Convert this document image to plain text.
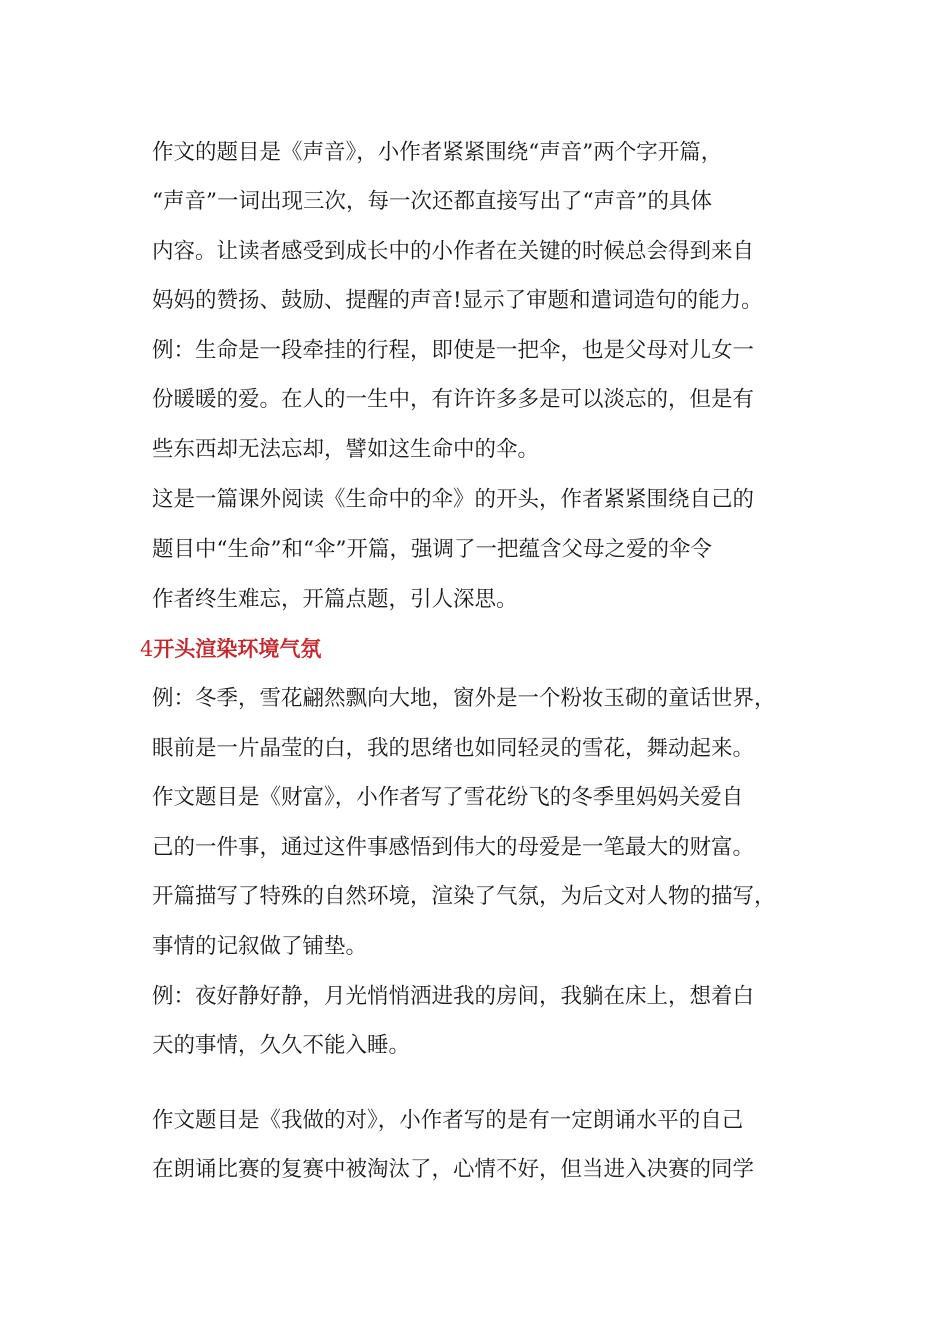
作文的题目是《声音》，小作者紧紧围绕“声音”两个字开篇，
“声音”一词出现三次，每一次还都直接写出了“声音”的具体
内容。让读者感受到成长中的小作者在关键的时候总会得到来自
妈妈的赞扬、鼓励、提醒的声音!显示了审题和遣词造句的能力。
例：生命是一段牵挂的行程，即使是一把伞，也是父母对儿女一
份暖暖的爱。在人的一生中，有许许多多是可以淡忘的，但是有
些东西却无法忘却，譬如这生命中的伞。
这是一篇课外阅读《生命中的伞》的开头，作者紧紧围绕自己的
题目中“生命”和“伞”开篇，强调了一把蕴含父母之爱的伞令
作者终生难忘，开篇点题，引人深思。
4开头渲染环境气氛
例：冬季，雪花翩然飘向大地，窗外是一个粉妆玉砌的童话世界，
眼前是一片晶莹的白，我的思绪也如同轻灵的雪花，舞动起来。
作文题目是《财富》，小作者写了雪花纷飞的冬季里妈妈关爱自
己的一件事，通过这件事感悟到伟大的母爱是一笔最大的财富。
开篇描写了特殊的自然环境，渲染了气氛，为后文对人物的描写，
事情的记叙做了铺垫。
例：夜好静好静，月光悄悄洒进我的房间，我躺在床上，想着白
天的事情，久久不能入睡。
作文题目是《我做的对》，小作者写的是有一定朗诵水平的自己
在朗诵比赛的复赛中被淘汰了，心情不好，但当进入决赛的同学
